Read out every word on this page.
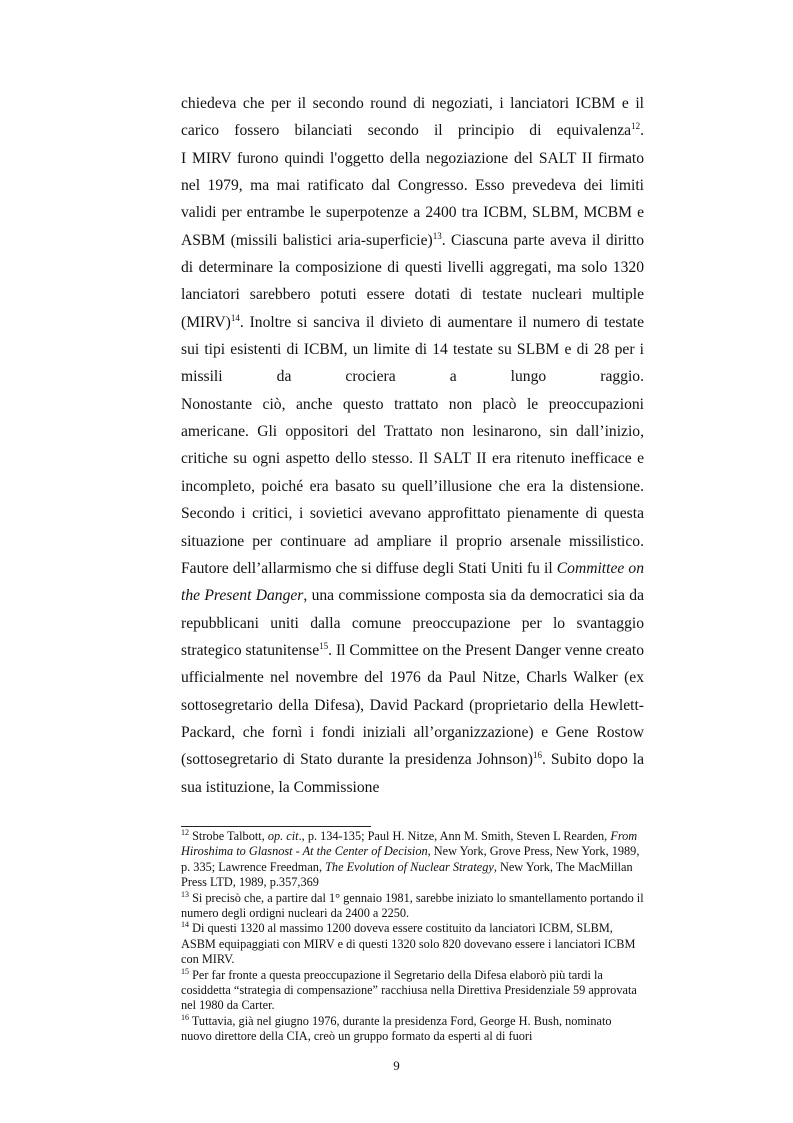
chiedeva che per il secondo round di negoziati, i lanciatori ICBM e il carico fossero bilanciati secondo il principio di equivalenza$^{12}$.

I MIRV furono quindi l'oggetto della negoziazione del SALT II firmato nel 1979, ma mai ratificato dal Congresso. Esso prevedeva dei limiti validi per entrambe le superpotenze a 2400 tra ICBM, SLBM, MCBM e ASBM (missili balistici aria-superficie)$^{13}$. Ciascuna parte aveva il diritto di determinare la composizione di questi livelli aggregati, ma solo 1320 lanciatori sarebbero potuti essere dotati di testate nucleari multiple (MIRV)$^{14}$. Inoltre si sanciva il divieto di aumentare il numero di testate sui tipi esistenti di ICBM, un limite di 14 testate su SLBM e di 28 per i missili da crociera a lungo raggio.

Nonostante ciò, anche questo trattato non placò le preoccupazioni americane. Gli oppositori del Trattato non lesinarono, sin dall’inizio, critiche su ogni aspetto dello stesso. Il SALT II era ritenuto inefficace e incompleto, poiché era basato su quell’illusione che era la distensione. Secondo i critici, i sovietici avevano approfittato pienamente di questa situazione per continuare ad ampliare il proprio arsenale missilistico.

Fautore dell’allarmismo che si diffuse degli Stati Uniti fu il Committee on the Present Danger, una commissione composta sia da democratici sia da repubblicani uniti dalla comune preoccupazione per lo svantaggio strategico statunitense$^{15}$. Il Committee on the Present Danger venne creato ufficialmente nel novembre del 1976 da Paul Nitze, Charls Walker (ex sottosegretario della Difesa), David Packard (proprietario della Hewlett-Packard, che fornì i fondi iniziali all’organizzazione) e Gene Rostow (sottosegretario di Stato durante la presidenza Johnson)$^{16}$. Subito dopo la sua istituzione, la Commissione

$^{12}$ Strobe Talbott, op. cit., p. 134-135; Paul H. Nitze, Ann M. Smith, Steven L Rearden, From Hiroshima to Glasnost - At the Center of Decision, New York, Grove Press, New York, 1989, p. 335; Lawrence Freedman, The Evolution of Nuclear Strategy, New York, The MacMillan Press LTD, 1989, p.357,369

$^{13}$ Si precisò che, a partire dal 1° gennaio 1981, sarebbe iniziato lo smantellamento portando il numero degli ordigni nucleari da 2400 a 2250.

$^{14}$ Di questi 1320 al massimo 1200 doveva essere costituito da lanciatori ICBM, SLBM, ASBM equipaggiati con MIRV e di questi 1320 solo 820 dovevano essere i lanciatori ICBM con MIRV.

$^{15}$ Per far fronte a questa preoccupazione il Segretario della Difesa elaborò più tardi la cosiddetta “strategia di compensazione” racchiusa nella Direttiva Presidenziale 59 approvata nel 1980 da Carter.

$^{16}$ Tuttavia, già nel giugno 1976, durante la presidenza Ford, George H. Bush, nominato nuovo direttore della CIA, creò un gruppo formato da esperti al di fuori

9
